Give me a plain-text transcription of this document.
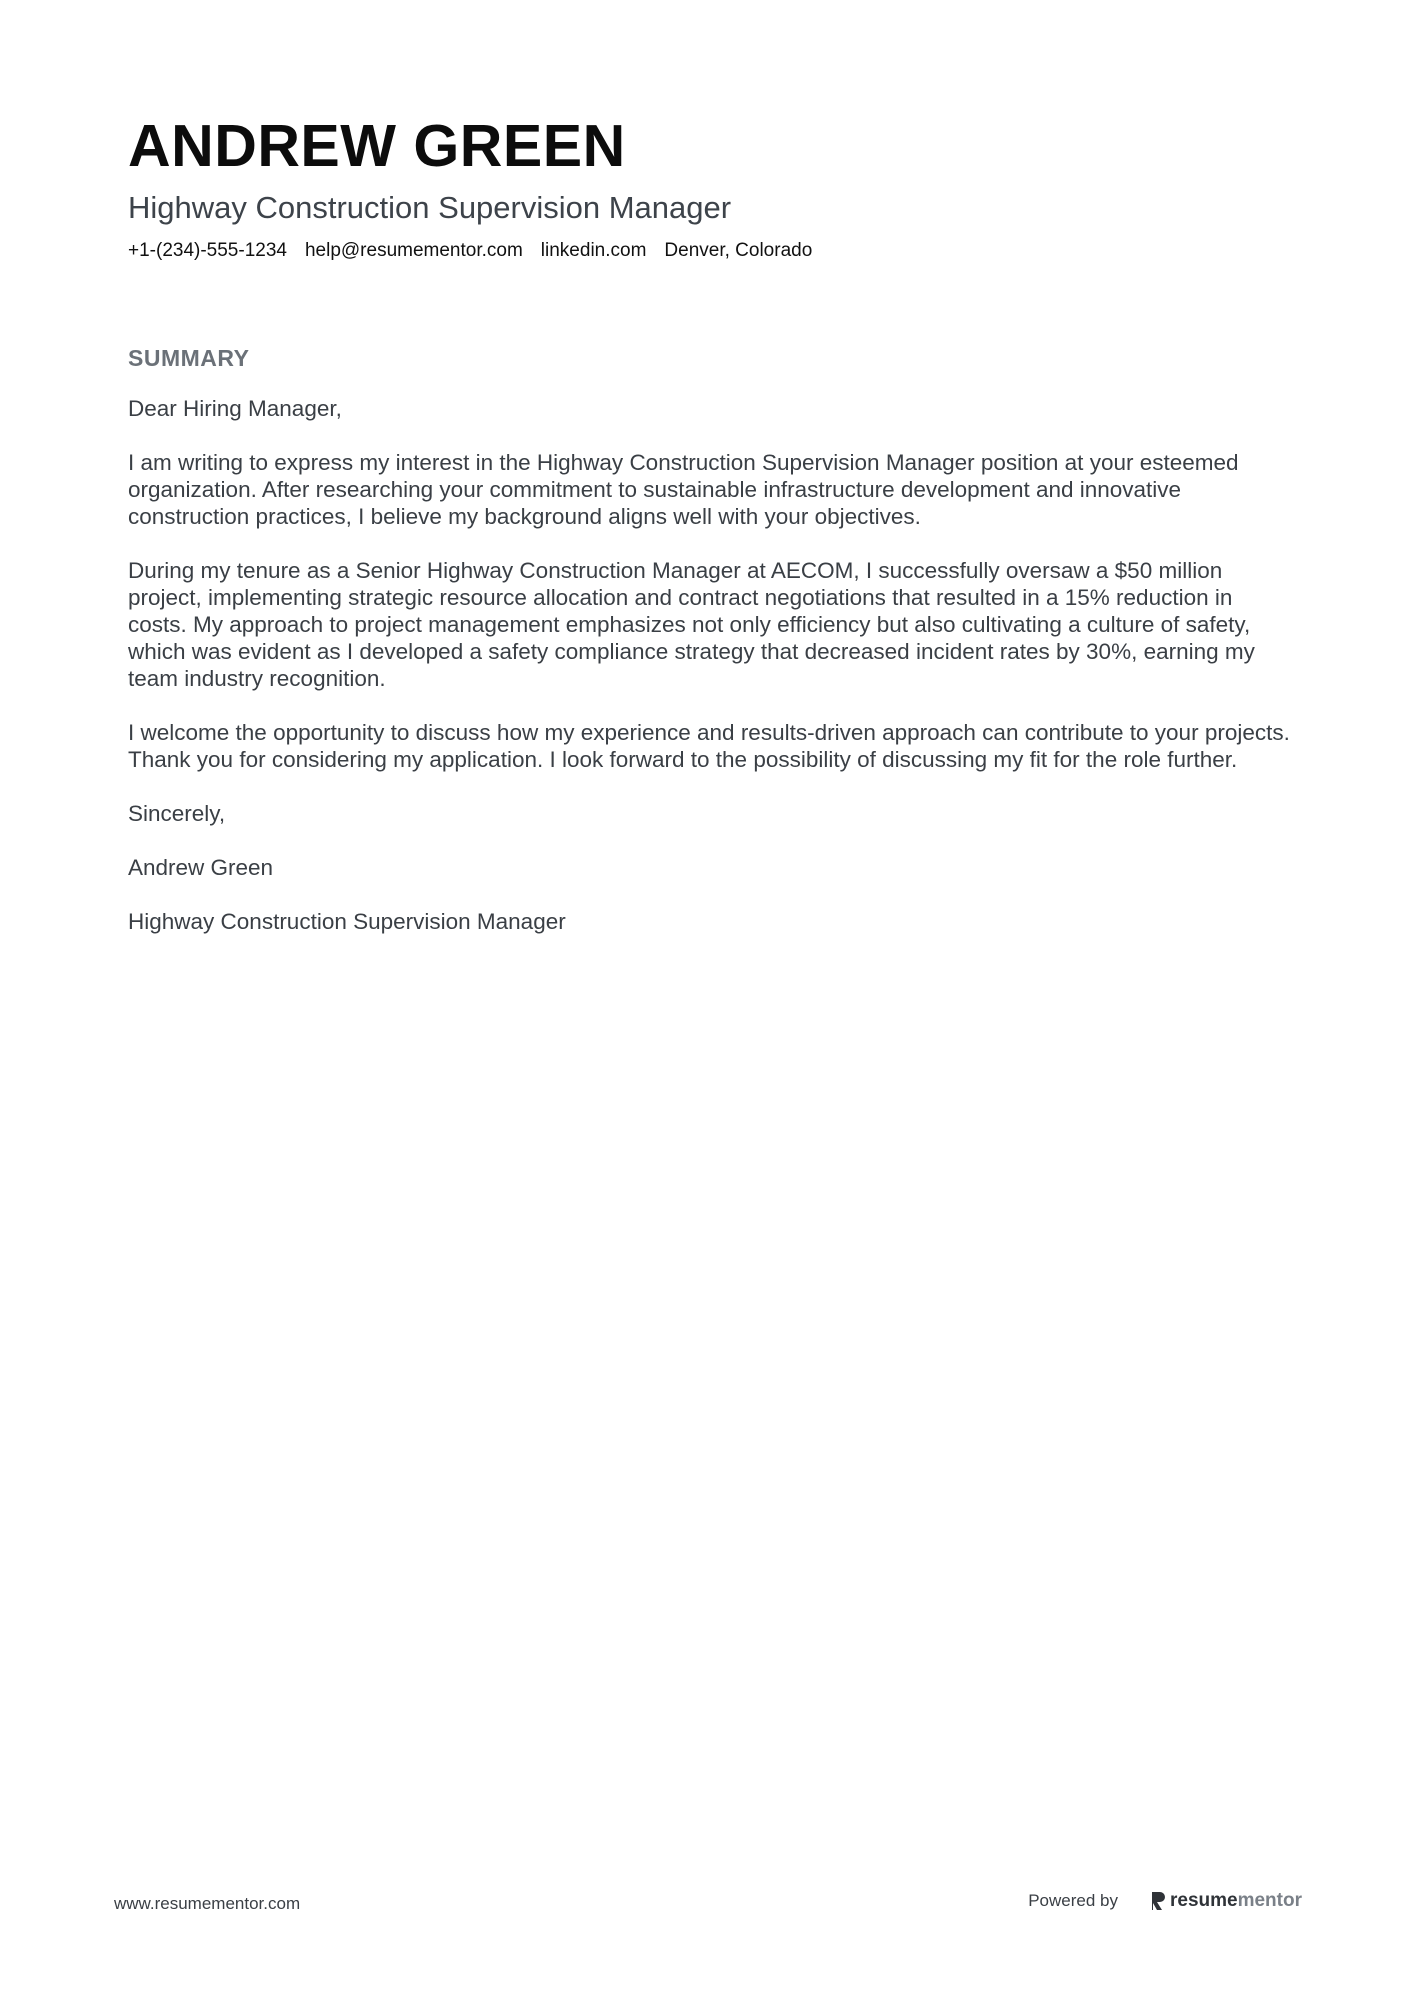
ANDREW GREEN
Highway Construction Supervision Manager
+1-(234)-555-1234 help@resumementor.com linkedin.com Denver, Colorado
SUMMARY

Dear Hiring Manager,

I am writing to express my interest in the Highway Construction Supervision Manager position at your esteemed organization. After researching your commitment to sustainable infrastructure development and innovative construction practices, I believe my background aligns well with your objectives.

During my tenure as a Senior Highway Construction Manager at AECOM, I successfully oversaw a $50 million project, implementing strategic resource allocation and contract negotiations that resulted in a 15% reduction in costs. My approach to project management emphasizes not only efficiency but also cultivating a culture of safety, which was evident as I developed a safety compliance strategy that decreased incident rates by 30%, earning my team industry recognition.

I welcome the opportunity to discuss how my experience and results-driven approach can contribute to your projects. Thank you for considering my application. I look forward to the possibility of discussing my fit for the role further.

Sincerely,

Andrew Green

Highway Construction Supervision Manager

www.resumementor.com	Powered by	resume mentor
